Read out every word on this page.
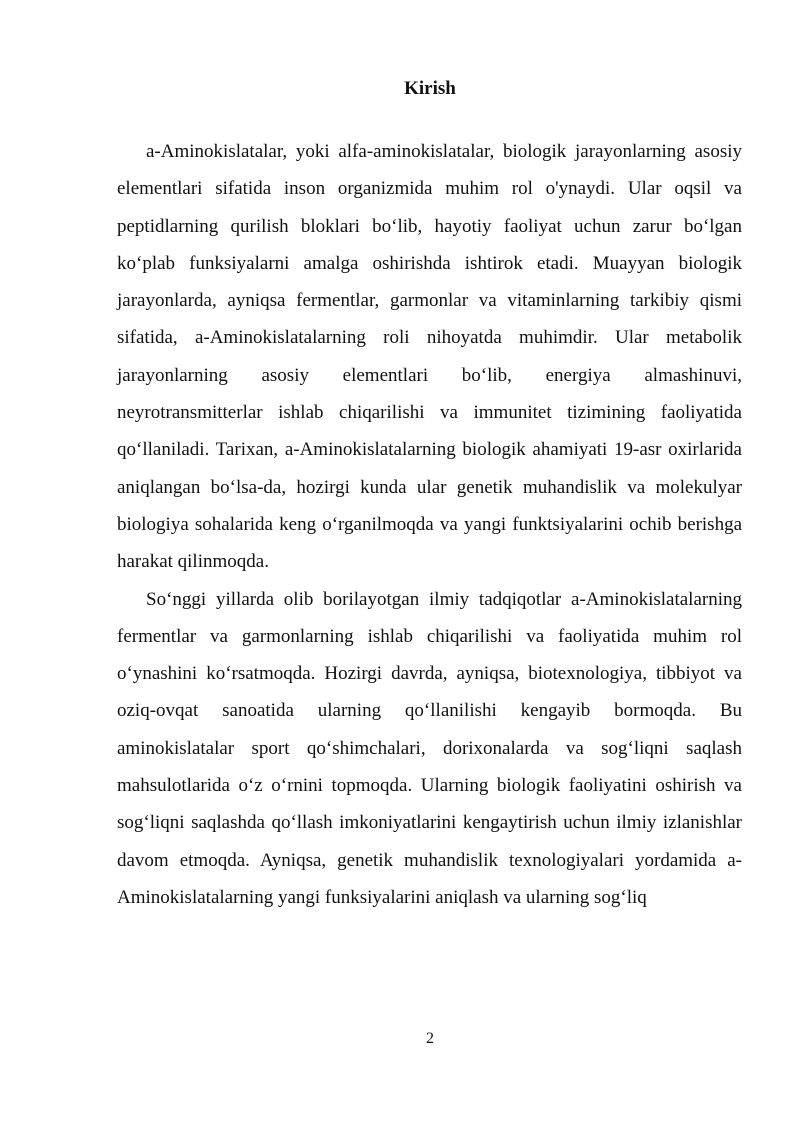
Kirish

a-Aminokislatalar, yoki alfa-aminokislatalar, biologik jarayonlarning asosiy elementlari sifatida inson organizmida muhim rol o'ynaydi. Ular oqsil va peptidlarning qurilish bloklari bo‘lib, hayotiy faoliyat uchun zarur bo‘lgan ko‘plab funksiyalarni amalga oshirishda ishtirok etadi. Muayyan biologik jarayonlarda, ayniqsa fermentlar, garmonlar va vitaminlarning tarkibiy qismi sifatida, a-Aminokislatalarning roli nihoyatda muhimdir. Ular metabolik jarayonlarning asosiy elementlari bo‘lib, energiya almashinuvi, neyrotransmitterlar ishlab chiqarilishi va immunitet tizimining faoliyatida qo‘llaniladi. Tarixan, a-Aminokislatalarning biologik ahamiyati 19-asr oxirlarida aniqlangan bo‘lsa-da, hozirgi kunda ular genetik muhandislik va molekulyar biologiya sohalarida keng o‘rganilmoqda va yangi funktsiyalarini ochib berishga harakat qilinmoqda.

So‘nggi yillarda olib borilayotgan ilmiy tadqiqotlar a-Aminokislatalarning fermentlar va garmonlarning ishlab chiqarilishi va faoliyatida muhim rol o‘ynashini ko‘rsatmoqda. Hozirgi davrda, ayniqsa, biotexnologiya, tibbiyot va oziq-ovqat sanoatida ularning qo‘llanilishi kengayib bormoqda. Bu aminokislatalar sport qo‘shimchalari, dorixonalarda va sog‘liqni saqlash mahsulotlarida o‘z o‘rnini topmoqda. Ularning biologik faoliyatini oshirish va sog‘liqni saqlashda qo‘llash imkoniyatlarini kengaytirish uchun ilmiy izlanishlar davom etmoqda. Ayniqsa, genetik muhandislik texnologiyalari yordamida a-Aminokislatalarning yangi funksiyalarini aniqlash va ularning sog‘liq

2
